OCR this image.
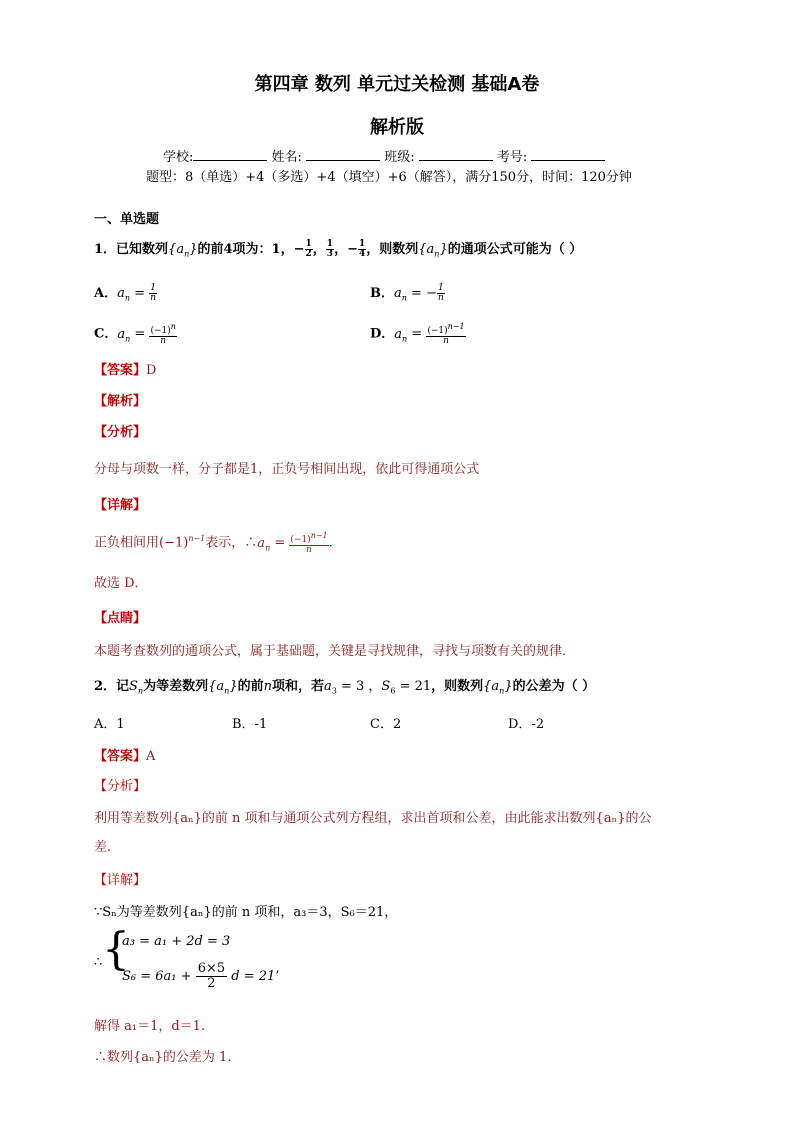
第四章 数列 单元过关检测 基础A卷
解析版
学校:	姓名:	班级:	考号:
题型：8（单选）+4（多选）+4（填空）+6（解答），满分150分，时间：120分钟
一、单选题
1．已知数列$\{a_n\}$的前4项为：1，− $\frac{1}{2}$ ， $\frac{1}{3}$ ，− $\frac{1}{4}$ ，则数列$\{a_n\}$的通项公式可能为（ ）
A．$a_n = \frac{1}{n}$	B．$a_n$ = − $\frac{1}{n}$
C．$a_n = \frac{(-1)^n}{n}$	D．$a_n = \frac{(-1)^{n-1}}{n}$
【答案】D
【解析】
【分析】
分母与项数一样，分子都是1，正负号相间出现，依此可得通项公式
【详解】
正负相间用$(-1)^{n-1}$表示，$\therefore a_n = \frac{(-1)^{n-1}}{n}$ .
故选 D．
【点睛】
本题考查数列的通项公式，属于基础题，关键是寻找规律，寻找与项数有关的规律．
2．记$S_n$为等差数列$\{a_n\}$的前n项和，若$a_3 = 3$ ，$S_6 = 21$，则数列$\{a_n\}$的公差为（ ）
A．1	B．-1	C．2	D．-2
【答案】A
【分析】
利用等差数列{aₙ}的前 n 项和与通项公式列方程组，求出首项和公差，由此能求出数列{aₙ}的公
差.
【详解】
∵Sₙ为等差数列{aₙ}的前 n 项和，a₃＝3，S₆＝21，
∴ {
a₃ = a₁ + 2d = 3
$S_6 = 6a_1 + \frac{6\times 5}{2}$ d = 21’
解得 a₁＝1，d＝1.
∴数列{aₙ}的公差为 1.
